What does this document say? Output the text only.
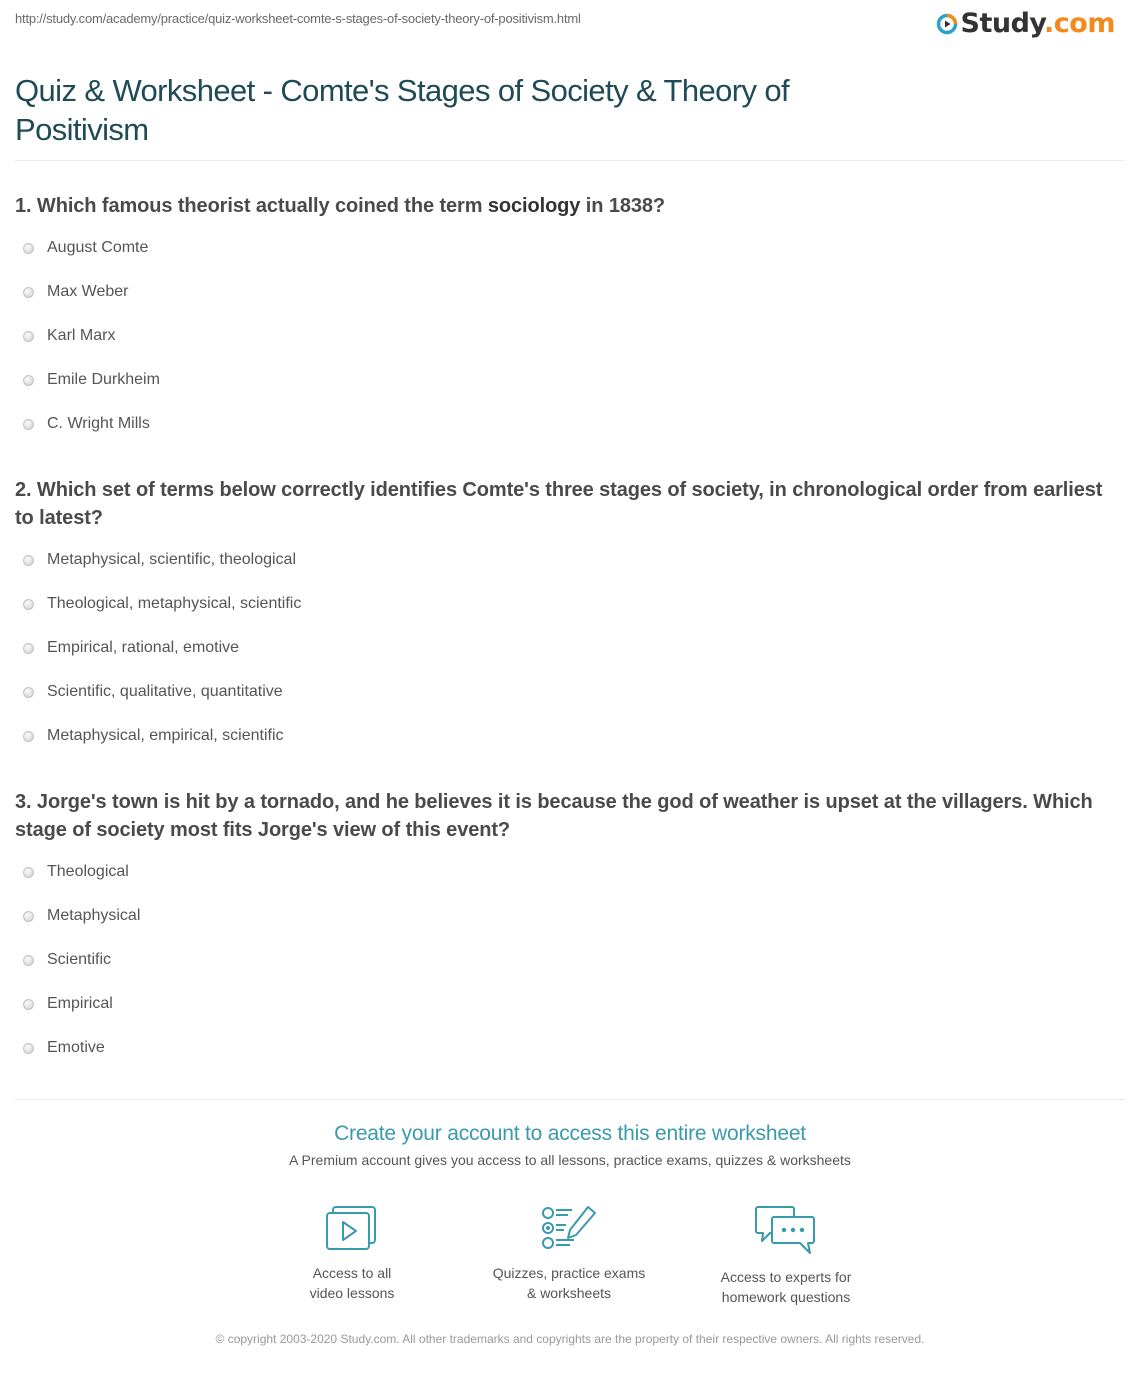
http://study.com/academy/practice/quiz-worksheet-comte-s-stages-of-society-theory-of-positivism.html	Study.com
Quiz & Worksheet - Comte's Stages of Society & Theory of Positivism
1. Which famous theorist actually coined the term sociology in 1838?
August Comte
Max Weber
Karl Marx
Emile Durkheim
C. Wright Mills
2. Which set of terms below correctly identifies Comte's three stages of society, in chronological order from earliest to latest?
Metaphysical, scientific, theological
Theological, metaphysical, scientific
Empirical, rational, emotive
Scientific, qualitative, quantitative
Metaphysical, empirical, scientific
3. Jorge's town is hit by a tornado, and he believes it is because the god of weather is upset at the villagers. Which stage of society most fits Jorge's view of this event?
Theological
Metaphysical
Scientific
Empirical
Emotive
Create your account to access this entire worksheet
A Premium account gives you access to all lessons, practice exams, quizzes & worksheets
Access to all
video lessons
Quizzes, practice exams
& worksheets
Access to experts for
homework questions
© copyright 2003-2020 Study.com. All other trademarks and copyrights are the property of their respective owners. All rights reserved.
